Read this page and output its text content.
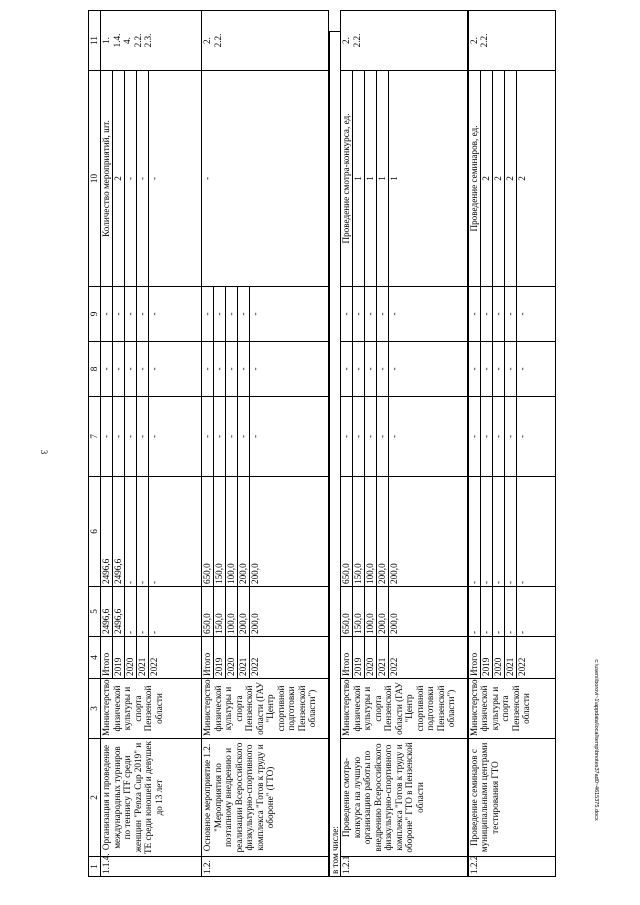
3
c:\users\borovi~1\appdata\local\temp\bnotes37ad0~4615375.docx
1	2	3	4	5	6	7	8	9	10	11
1.1.4.	Организация и проведение международных турниров по теннису ITF среди женщин "Penza Cup 2019" и TE среди юношей и девушек до 13 лет	Министерство физической культуры и спорта Пензенской области	Итого	2496,6	2496,6	-	-	-	Количество мероприятий, шт.	1.
1.4.
4.
2.2.
2.3.

			2019	2496,6	2496,6	-	-	-	2	

			2020	-	-	-	-	-	-	

			2021	-	-	-	-	-	-	

			2022	-	-	-	-	-	-	
1.2.	Основное мероприятие 1.2. "Мероприятия по поэтапному внедрению и реализации Всероссийского физкультурно-спортивного комплекса "Готов к труду и обороне" (ГТО)	Министерство физической культуры и спорта Пензенской области (ГАУ "Центр спортивной подготовки Пензенской области")	Итого	650,0	650,0	-	-	-	-	2.
2.2.

			2019	150,0	150,0	-	-	-		

			2020	100,0	100,0	-	-	-		

			2021	200,0	200,0	-	-	-		

			2022	200,0	200,0	-	-	-		
в том числе: 1.2.1	Проведение смотра-конкурса на лучшую организацию работы по внедрению Всероссийского физкультурно-спортивного комплекса "Готов к труду и обороне" ГТО в Пензенской области	Министерство физической культуры и спорта Пензенской области (ГАУ "Центр спортивной подготовки Пензенской области")	Итого	650,0	650,0	-	-	-	Проведение смотра-конкурса, ед.	2.
2.2.

			2019	150,0	150,0	-	-	-	1	

			2020	100,0	100,0	-	-	-	1	

			2021	200,0	200,0	-	-	-	1	

			2022	200,0	200,0	-	-	-	1	
1.2.2	Проведение семинаров с муниципальными центрами тестирования ГТО	Министерство физической культуры и спорта Пензенской области	Итого	-	-	-	-	-	Проведение семинаров, ед.	2.
2.2.

			2019	-	-	-	-	-	2	

			2020	-	-	-	-	-	2	

			2021	-	-	-	-	-	2	

			2022	-	-	-	-	-	2	
